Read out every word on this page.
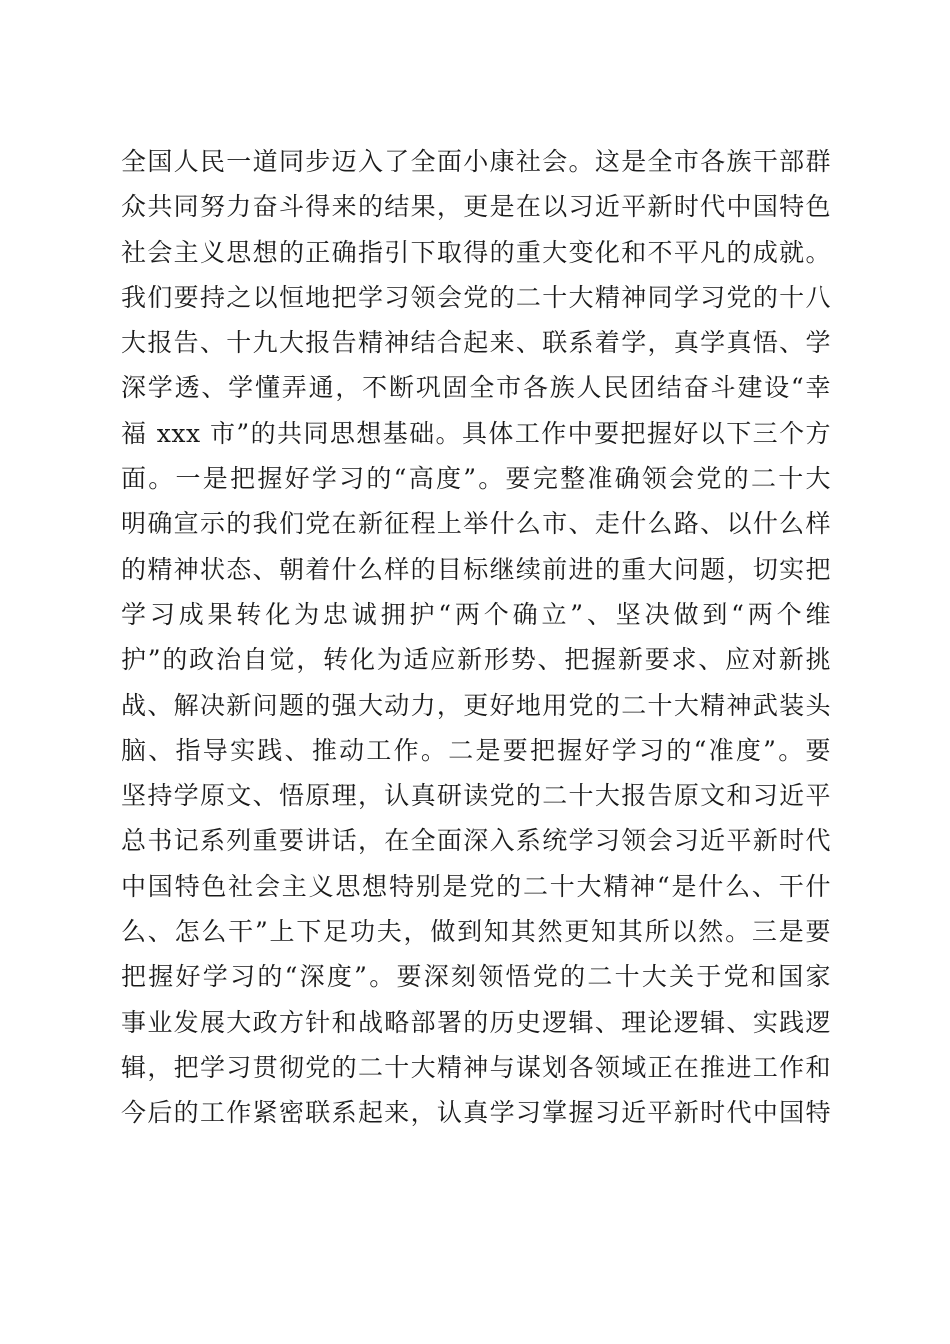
全国人民一道同步迈入了全面小康社会。这是全市各族干部群
众共同努力奋斗得来的结果，更是在以习近平新时代中国特色
社会主义思想的正确指引下取得的重大变化和不平凡的成就。
我们要持之以恒地把学习领会党的二十大精神同学习党的十八
大报告、十九大报告精神结合起来、联系着学，真学真悟、学
深学透、学懂弄通，不断巩固全市各族人民团结奋斗建设“幸
福 xxx 市”的共同思想基础。具体工作中要把握好以下三个方
面。一是把握好学习的“高度”。要完整准确领会党的二十大
明确宣示的我们党在新征程上举什么市、走什么路、以什么样
的精神状态、朝着什么样的目标继续前进的重大问题，切实把
学习成果转化为忠诚拥护“两个确立”、坚决做到“两个维
护”的政治自觉，转化为适应新形势、把握新要求、应对新挑
战、解决新问题的强大动力，更好地用党的二十大精神武装头
脑、指导实践、推动工作。二是要把握好学习的“准度”。要
坚持学原文、悟原理，认真研读党的二十大报告原文和习近平
总书记系列重要讲话，在全面深入系统学习领会习近平新时代
中国特色社会主义思想特别是党的二十大精神“是什么、干什
么、怎么干”上下足功夫，做到知其然更知其所以然。三是要
把握好学习的“深度”。要深刻领悟党的二十大关于党和国家
事业发展大政方针和战略部署的历史逻辑、理论逻辑、实践逻
辑，把学习贯彻党的二十大精神与谋划各领域正在推进工作和
今后的工作紧密联系起来，认真学习掌握习近平新时代中国特
